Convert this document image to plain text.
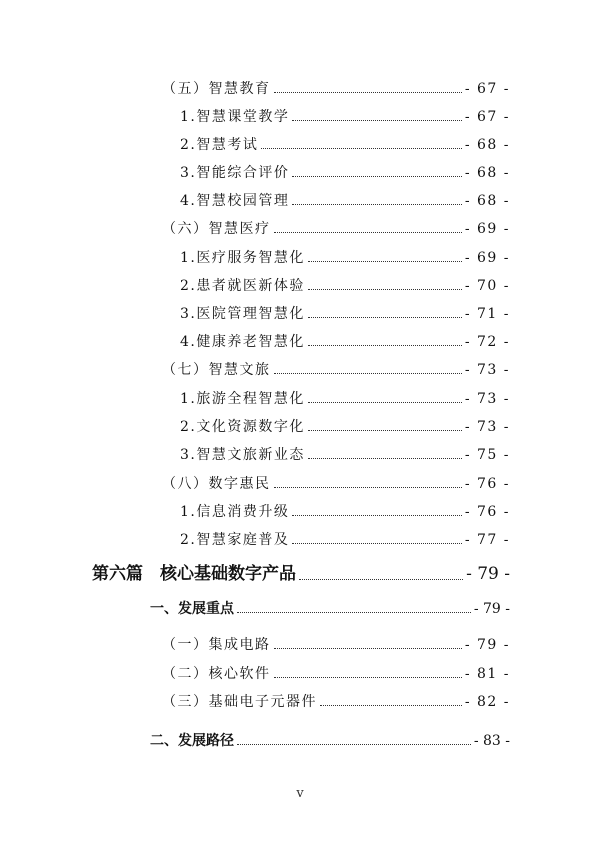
（五）智慧教育	- 67 -
1.智慧课堂教学	- 67 -
2.智慧考试	- 68 -
3.智能综合评价	- 68 -
4.智慧校园管理	- 68 -
（六）智慧医疗	- 69 -
1.医疗服务智慧化	- 69 -
2.患者就医新体验	- 70 -
3.医院管理智慧化	- 71 -
4.健康养老智慧化	- 72 -
（七）智慧文旅	- 73 -
1.旅游全程智慧化	- 73 -
2.文化资源数字化	- 73 -
3.智慧文旅新业态	- 75 -
（八）数字惠民	- 76 -
1.信息消费升级	- 76 -
2.智慧家庭普及	- 77 -
第六篇　核心基础数字产品	- 79 -
一、发展重点	- 79 -
（一）集成电路	- 79 -
（二）核心软件	- 81 -
（三）基础电子元器件	- 82 -
二、发展路径	- 83 -
v
